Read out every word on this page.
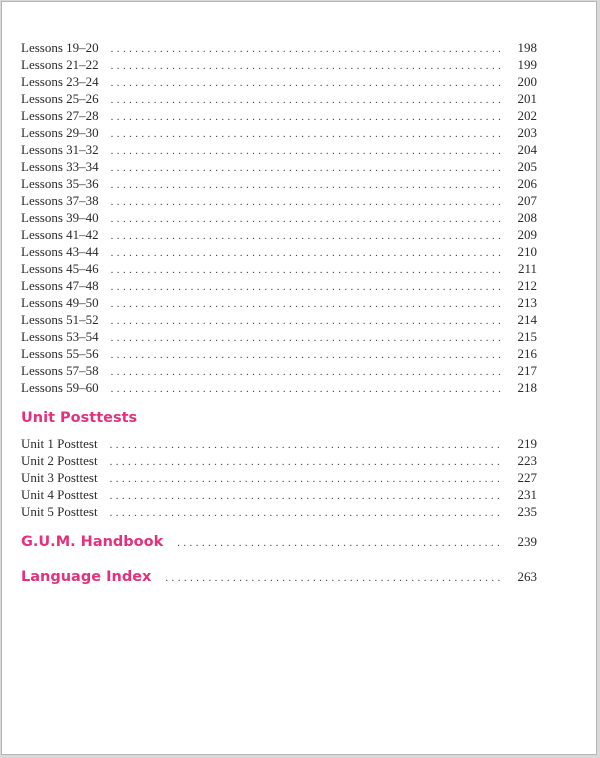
Lessons 19–20 .....	198
Lessons 21–22 .....	199
Lessons 23–24 .....	200
Lessons 25–26 .....	201
Lessons 27–28 .....	202
Lessons 29–30 .....	203
Lessons 31–32 .....	204
Lessons 33–34 .....	205
Lessons 35–36 .....	206
Lessons 37–38 .....	207
Lessons 39–40 .....	208
Lessons 41–42 .....	209
Lessons 43–44 .....	210
Lessons 45–46 .....	211
Lessons 47–48 .....	212
Lessons 49–50 .....	213
Lessons 51–52 .....	214
Lessons 53–54 .....	215
Lessons 55–56 .....	216
Lessons 57–58 .....	217
Lessons 59–60 .....	218
Unit Posttests
Unit 1 Posttest .....	219
Unit 2 Posttest .....	223
Unit 3 Posttest .....	227
Unit 4 Posttest .....	231
Unit 5 Posttest .....	235
G.U.M. Handbook .....	239
Language Index .....	263
